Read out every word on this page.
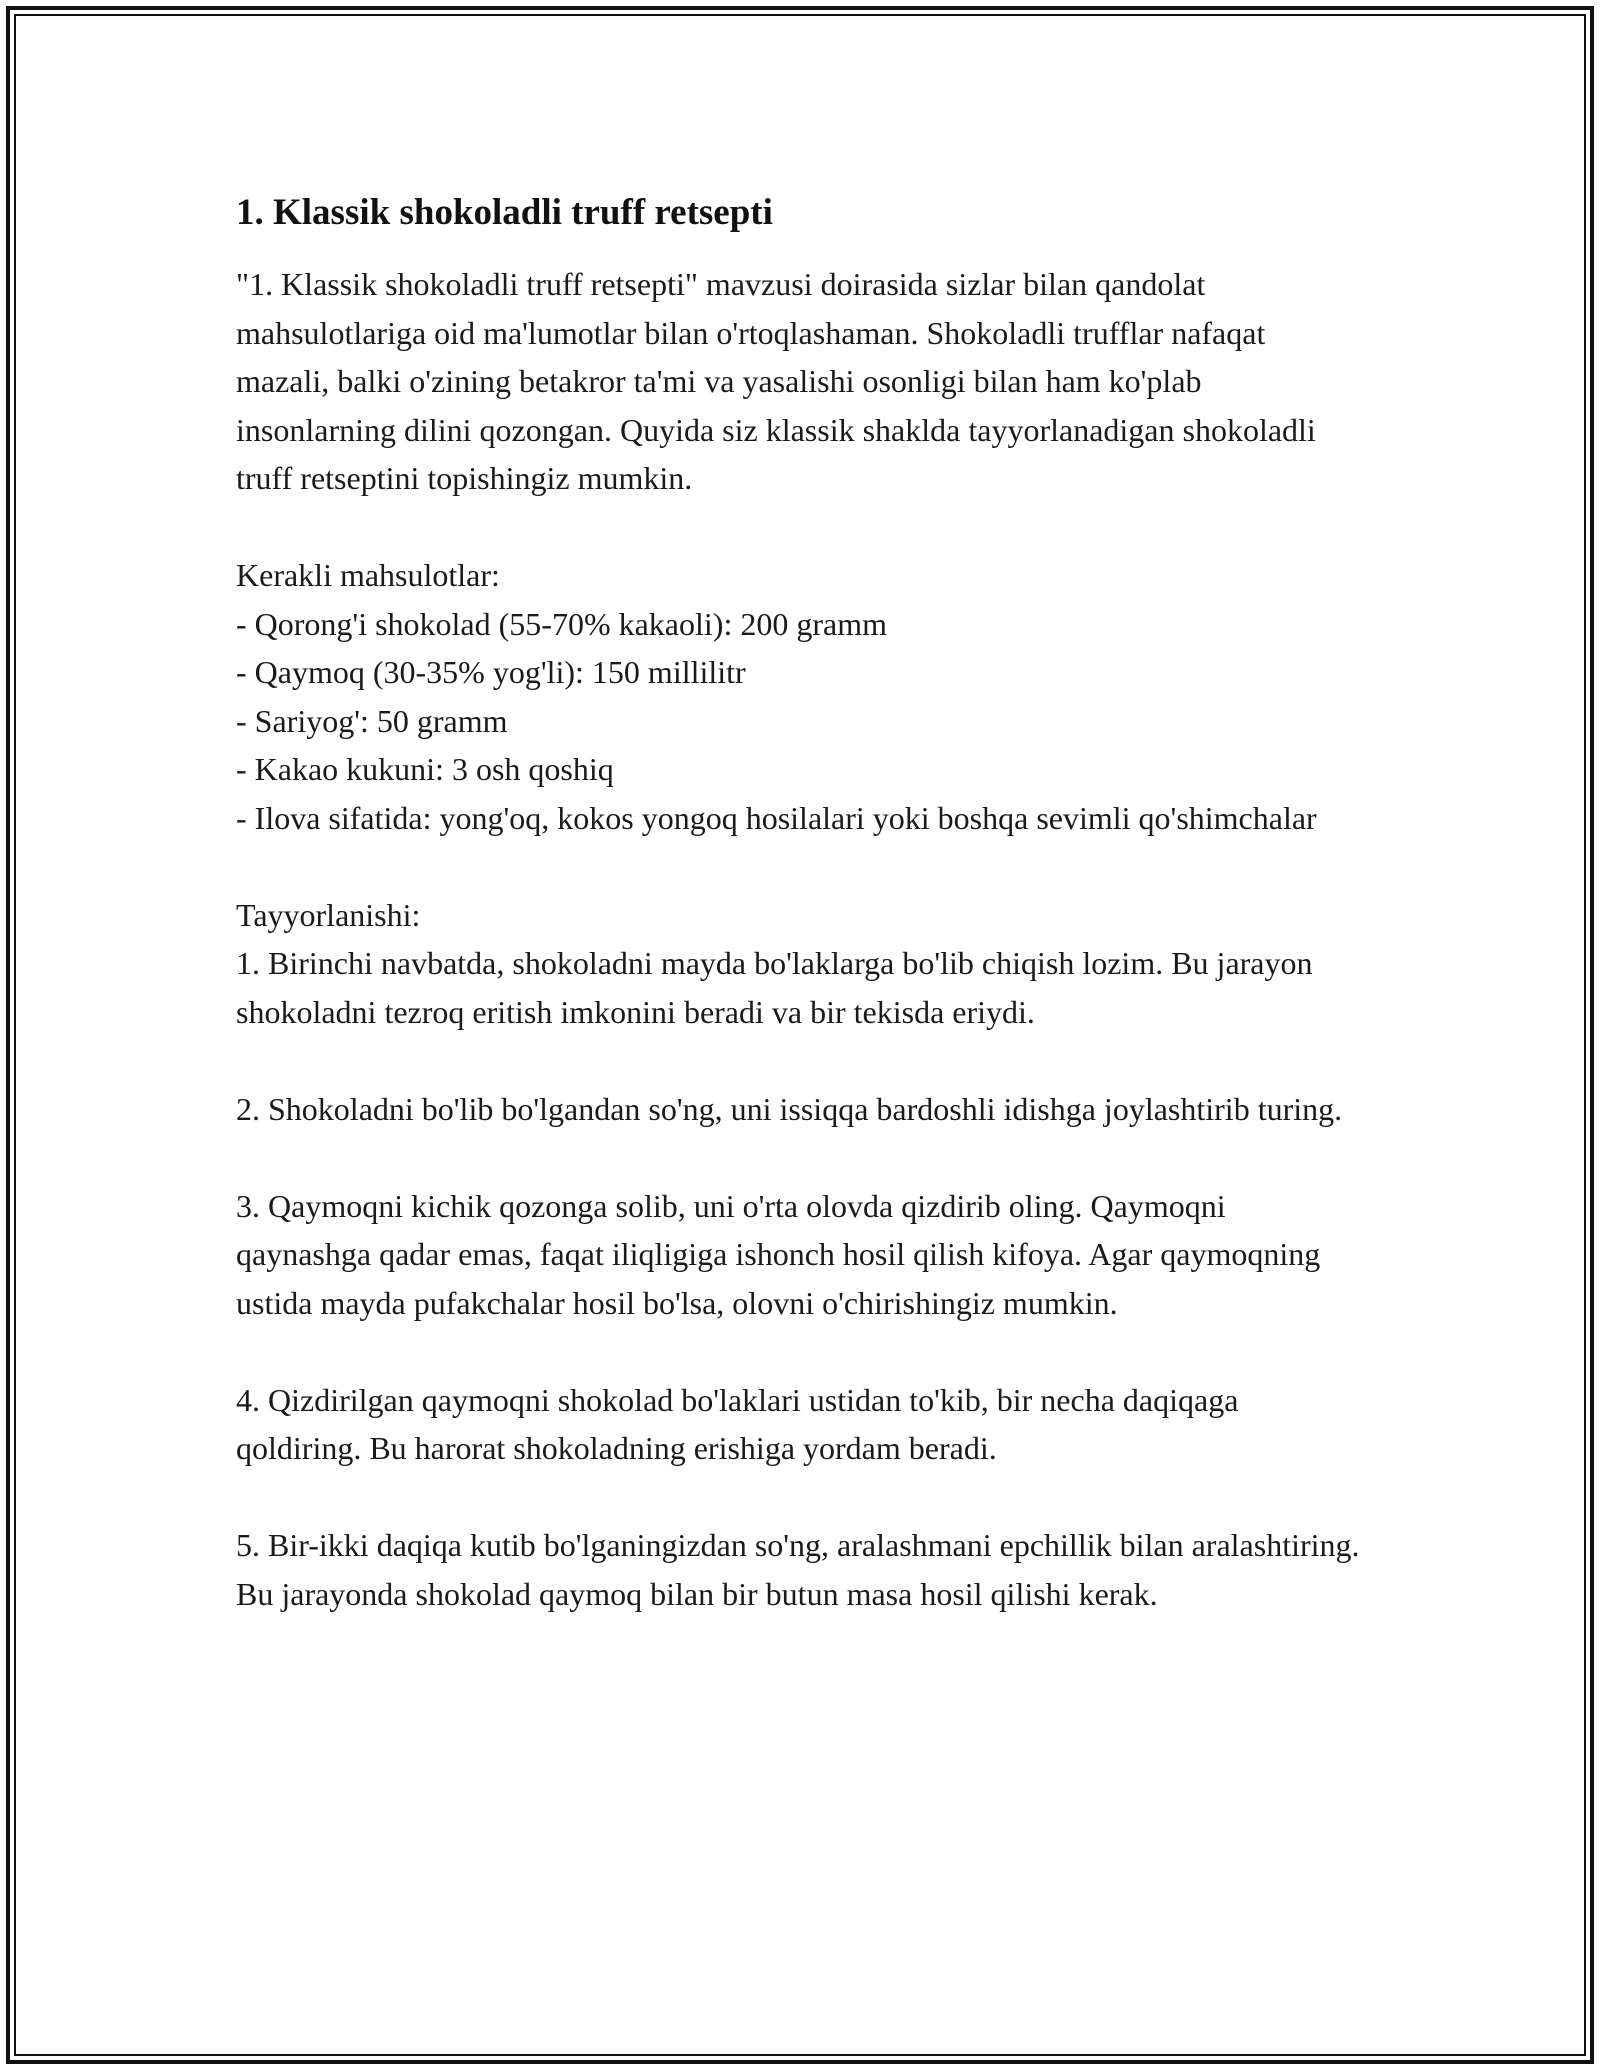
1. Klassik shokoladli truff retsepti

"1. Klassik shokoladli truff retsepti" mavzusi doirasida sizlar bilan qandolat mahsulotlariga oid ma'lumotlar bilan o'rtoqlashaman. Shokoladli trufflar nafaqat mazali, balki o'zining betakror ta'mi va yasalishi osonligi bilan ham ko'plab insonlarning dilini qozongan. Quyida siz klassik shaklda tayyorlanadigan shokoladli truff retseptini topishingiz mumkin.

Kerakli mahsulotlar:

- Qorong'i shokolad (55-70% kakaoli): 200 gramm
- Qaymoq (30-35% yog'li): 150 millilitr
- Sariyog': 50 gramm
- Kakao kukuni: 3 osh qoshiq
- Ilova sifatida: yong'oq, kokos yongoq hosilalari yoki boshqa sevimli qo'shimchalar

Tayyorlanishi:

1. Birinchi navbatda, shokoladni mayda bo'laklarga bo'lib chiqish lozim. Bu jarayon shokoladni tezroq eritish imkonini beradi va bir tekisda eriydi.

2. Shokoladni bo'lib bo'lgandan so'ng, uni issiqqa bardoshli idishga joylashtirib turing.

3. Qaymoqni kichik qozonga solib, uni o'rta olovda qizdirib oling. Qaymoqni qaynashga qadar emas, faqat iliqligiga ishonch hosil qilish kifoya. Agar qaymoqning ustida mayda pufakchalar hosil bo'lsa, olovni o'chirishingiz mumkin.

4. Qizdirilgan qaymoqni shokolad bo'laklari ustidan to'kib, bir necha daqiqaga qoldiring. Bu harorat shokoladning erishiga yordam beradi.

5. Bir-ikki daqiqa kutib bo'lganingizdan so'ng, aralashmani epchillik bilan aralashtiring. Bu jarayonda shokolad qaymoq bilan bir butun masa hosil qilishi kerak.
